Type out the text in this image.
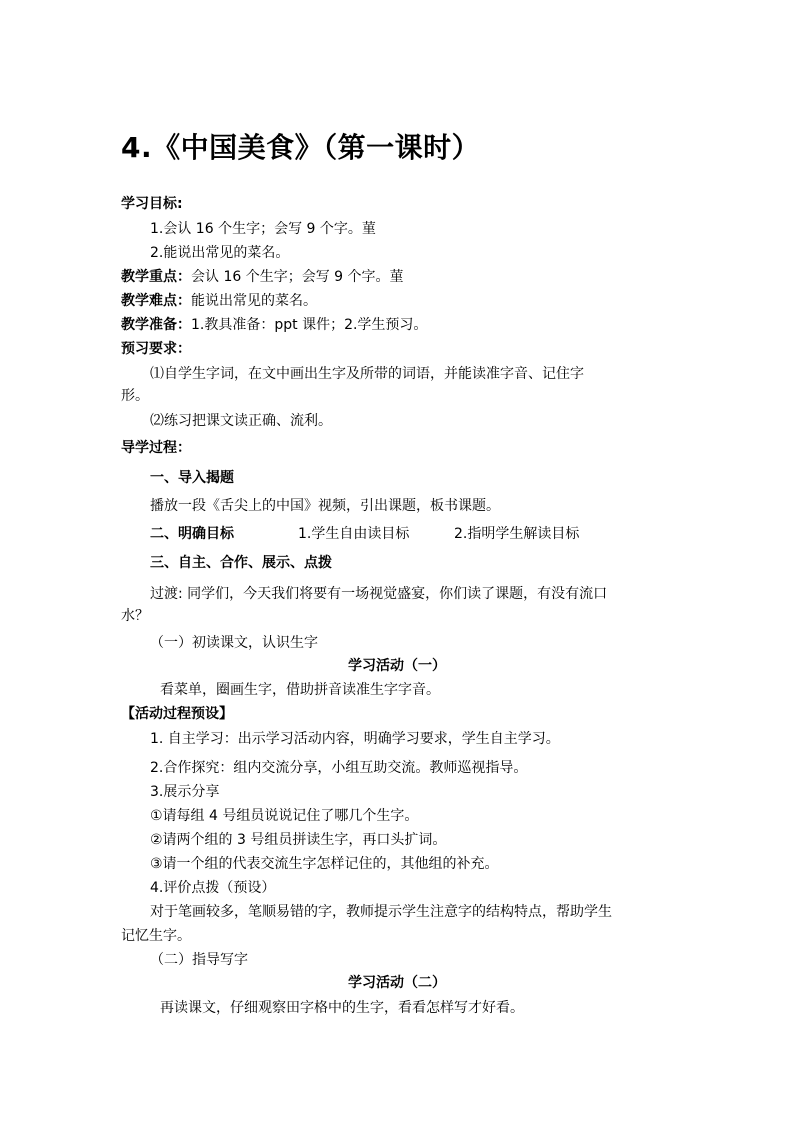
4.《中国美食》（第一课时）
学习目标:
1.会认 16 个生字；会写 9 个字。菫
2.能说出常见的菜名。
教学重点：会认 16 个生字；会写 9 个字。菫
教学难点：能说出常见的菜名。
教学准备：1.教具准备：ppt 课件；2.学生预习。
预习要求：
⑴自学生字词，在文中画出生字及所带的词语，并能读准字音、记住字
形。
⑵练习把课文读正确、流利。
导学过程：
一、导入揭题
播放一段《舌尖上的中国》视频，引出课题，板书课题。
二、明确目标	1.学生自由读目标	2.指明学生解读目标
三、自主、合作、展示、点拨
过渡: 同学们，今天我们将要有一场视觉盛宴，你们读了课题，有没有流口
水？
（一）初读课文，认识生字
学习活动（一）
看菜单，圈画生字，借助拼音读准生字字音。
【活动过程预设】
1. 自主学习：出示学习活动内容，明确学习要求，学生自主学习。
2.合作探究：组内交流分享，小组互助交流。教师巡视指导。
3.展示分享
①请每组 4 号组员说说记住了哪几个生字。
②请两个组的 3 号组员拼读生字，再口头扩词。
③请一个组的代表交流生字怎样记住的，其他组的补充。
4.评价点拨（预设）
对于笔画较多，笔顺易错的字，教师提示学生注意字的结构特点，帮助学生
记忆生字。
（二）指导写字
学习活动（二）
再读课文，仔细观察田字格中的生字，看看怎样写才好看。
